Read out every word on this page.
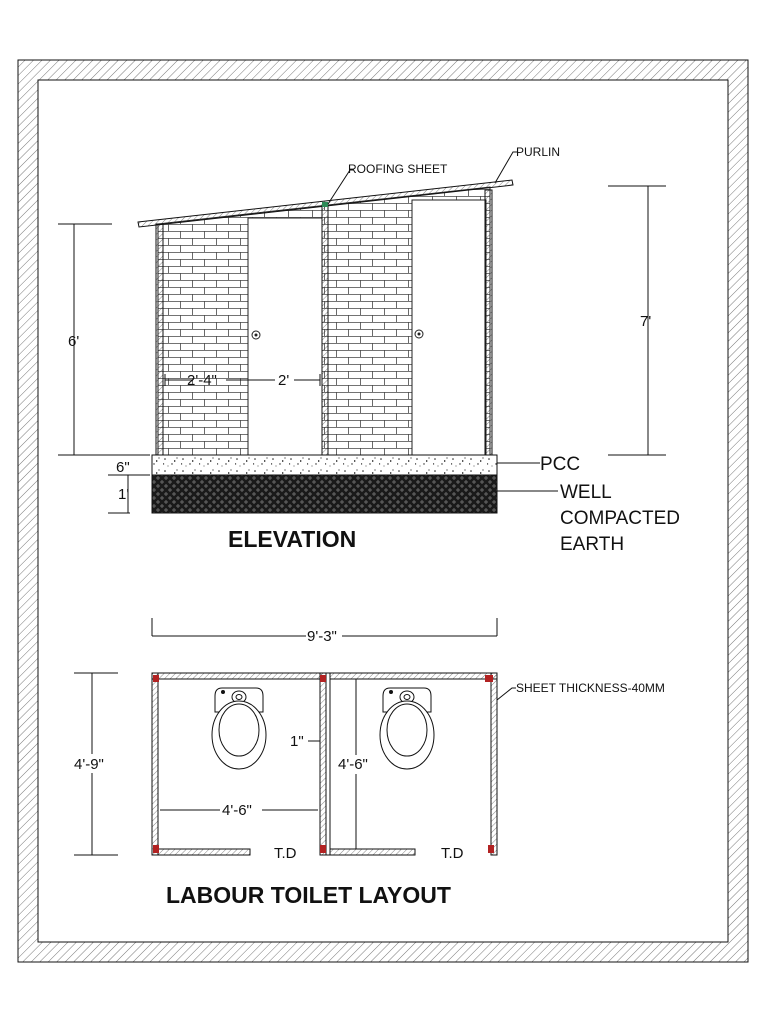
ROOFING SHEET
PURLIN
PCC
WELL
COMPACTED
EARTH
6'
7'
2'-4"	2'
6"
1'
ELEVATION
9'-3"
4'-9"
1"
4'-6"
4'-6"
SHEET THICKNESS-40MM
T.D	T.D
LABOUR TOILET LAYOUT
